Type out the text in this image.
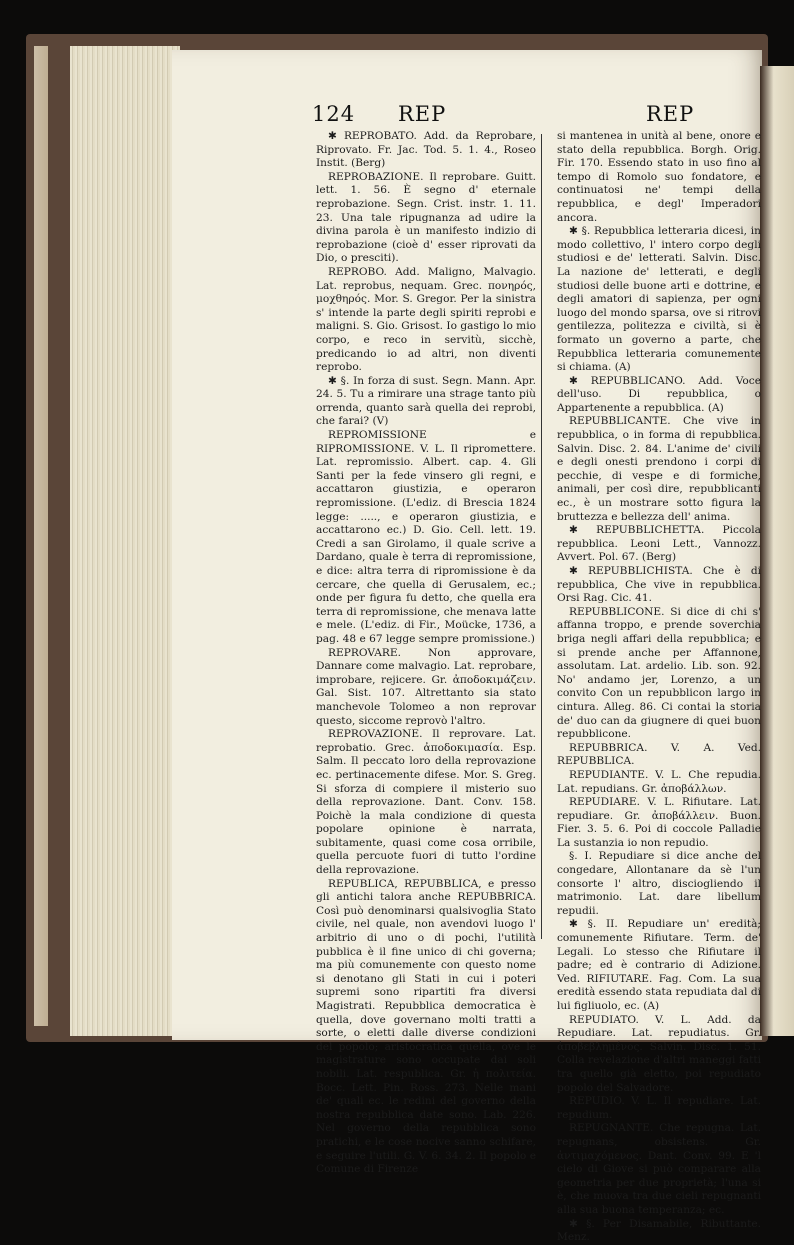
124 REP	REP

✱ REPROBATO. Add. da Reprobare, Riprovato. Fr. Jac. Tod. 5. 1. 4., Roseo Instit. (Berg)

REPROBAZIONE. Il reprobare. Guitt. lett. 1. 56. È segno d' eternale reprobazione. Segn. Crist. instr. 1. 11. 23. Una tale ripugnanza ad udire la divina parola è un manifesto indizio di reprobazione (cioè d' esser riprovati da Dio, o presciti).

REPROBO. Add. Maligno, Malvagio. Lat. reprobus, nequam. Grec. πονηρός, μοχθηρός. Mor. S. Gregor. Per la sinistra s' intende la parte degli spiriti reprobi e maligni. S. Gio. Grisost. Io gastigo lo mio corpo, e reco in servitù, sicchè, predicando io ad altri, non diventi reprobo.

✱ §. In forza di sust. Segn. Mann. Apr. 24. 5. Tu a rimirare una strage tanto più orrenda, quanto sarà quella dei reprobi, che farai? (V)

REPROMISSIONE e RIPROMISSIONE. V. L. Il ripromettere. Lat. repromissio. Albert. cap. 4. Gli Santi per la fede vinsero gli regni, e accattaron giustizia, e operaron repromissione. (L'ediz. di Brescia 1824 legge: ....., e operaron giustizia, e accattarono ec.) D. Gio. Cell. lett. 19. Credi a san Girolamo, il quale scrive a Dardano, quale è terra di repromissione, e dice: altra terra di ripromissione è da cercare, che quella di Gerusalem, ec.; onde per figura fu detto, che quella era terra di repromissione, che menava latte e mele. (L'ediz. di Fir., Moücke, 1736, a pag. 48 e 67 legge sempre promissione.)

REPROVARE. Non approvare, Dannare come malvagio. Lat. reprobare, improbare, rejicere. Gr. ἀποδοκιμάζειν. Gal. Sist. 107. Altrettanto sia stato manchevole Tolomeo a non reprovar questo, siccome reprovò l'altro.

REPROVAZIONE. Il reprovare. Lat. reprobatio. Grec. ἀποδοκιμασία. Esp. Salm. Il peccato loro della reprovazione ec. pertinacemente difese. Mor. S. Greg. Si sforza di compiere il misterio suo della reprovazione. Dant. Conv. 158. Poichè la mala condizione di questa popolare opinione è narrata, subitamente, quasi come cosa orribile, quella percuote fuori di tutto l'ordine della reprovazione.

REPUBLICA, REPUBBLICA, e presso gli antichi talora anche REPUBBRICA. Così può denominarsi qualsivoglia Stato civile, nel quale, non avendovi luogo l' arbitrio di uno o di pochi, l'utilità pubblica è il fine unico di chi governa; ma più comunemente con questo nome si denotano gli Stati in cui i poteri supremi sono ripartiti fra diversi Magistrati. Repubblica democratica è quella, dove governano molti tratti a sorte, o eletti dalle diverse condizioni del popolo; aristocratica quella, ove le magistrature sono occupate dai soli nobili. Lat. respublica. Gr. ἡ πολιτεία. Bocc. Lett. Pin. Ross. 273. Nelle mani de' quali ec. le redini del governo della nostra repubblica date sono. Lab. 226. Nel governo della repubblica sono pratichi, e le cose nocive sanno schifare, e seguire l'utili. G. V. 6. 34. 2. Il popolo e Comune di Firenze

si mantenea in unità al bene, onore e stato della repubblica. Borgh. Orig. Fir. 170. Essendo stato in uso fino al tempo di Romolo suo fondatore, e continuatosi ne' tempi della repubblica, e degl' Imperadori ancora.

✱ §. Repubblica letteraria dicesi, in modo collettivo, l' intero corpo degli studiosi e de' letterati. Salvin. Disc. La nazione de' letterati, e degli studiosi delle buone arti e dottrine, e degli amatori di sapienza, per ogni luogo del mondo sparsa, ove si ritrovi gentilezza, politezza e civiltà, si è formato un governo a parte, che Repubblica letteraria comunemente si chiama. (A)

✱ REPUBBLICANO. Add. Voce dell'uso. Di repubblica, o Appartenente a repubblica. (A)

REPUBBLICANTE. Che vive in repubblica, o in forma di repubblica. Salvin. Disc. 2. 84. L'anime de' civili e degli onesti prendono i corpi di pecchie, di vespe e di formiche, animali, per così dire, repubblicanti ec., è un mostrare sotto figura la bruttezza e bellezza dell' anima.

✱ REPUBBLICHETTA. Piccola repubblica. Leoni Lett., Vannozz. Avvert. Pol. 67. (Berg)

✱ REPUBBLICHISTA. Che è di repubblica, Che vive in repubblica. Orsi Rag. Cic. 41.

REPUBBLICONE. Si dice di chi s' affanna troppo, e prende soverchia briga negli affari della repubblica; e si prende anche per Affannone, assolutam. Lat. ardelio. Lib. son. 92. No' andamo jer, Lorenzo, a un convito Con un repubblicon largo in cintura. Alleg. 86. Ci contai la storia de' duo can da giugnere di quei buon repubblicone.

REPUBBRICA. V. A. Ved. REPUBBLICA.

REPUDIANTE. V. L. Che repudia. Lat. repudians. Gr. ἀποβάλλων.

REPUDIARE. V. L. Rifiutare. Lat. repudiare. Gr. ἀποβάλλειν. Buon. Fier. 3. 5. 6. Poi di coccole Palladie La sustanzia io non repudio.

§. I. Repudiare si dice anche del congedare, Allontanare da sè l'un consorte l' altro, disciogliendo il matrimonio. Lat. dare libellum repudii.

✱ §. II. Repudiare un' eredità; comunemente Rifiutare. Term. de' Legali. Lo stesso che Rifiutare il padre; ed è contrario di Adizione. Ved. RIFIUTARE. Fag. Com. La sua eredità essendo stata repudiata dal di lui figliuolo, ec. (A)

REPUDIATO. V. L. Add. da Repudiare. Lat. repudiatus. Gr. ἀποβεβλημένος. Salvin. Disc. 1. 51. Colla revelazione d'altri maneggi fatti tra quello già eletto, poi repudiato popolo del Salvadore.

REPUDIO. V. L. Il repudiare. Lat. repudium.

REPUGNANTE. Che repugna. Lat. repugnans, obsistens. Gr. ἀντιμαχόμενος. Dant. Conv. 99. E 'l cielo di Giove si può comparare alla geometria per due proprietà; l'una si è, che muova tra due cieli repugnanti alla sua buona temperanza; ec.

✱ §. Per Disamabile, Ributtante. Menz.
